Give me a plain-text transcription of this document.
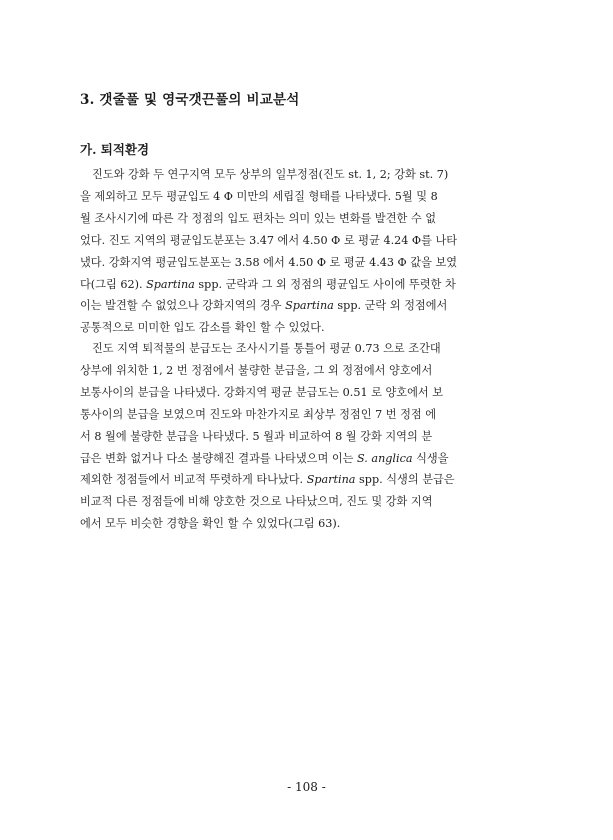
3. 갯줄풀 및 영국갯끈풀의 비교분석
가. 퇴적환경
진도와 강화 두 연구지역 모두 상부의 일부정점(진도 st. 1, 2; 강화 st. 7)
을 제외하고 모두 평균입도 4 Φ 미만의 세립질 형태를 나타냈다. 5월 및 8
월 조사시기에 따른 각 정점의 입도 편차는 의미 있는 변화를 발견한 수 없
었다. 진도 지역의 평균입도분포는 3.47 에서 4.50 Φ 로 평균 4.24 Φ를 나타
냈다. 강화지역 평균입도분포는 3.58 에서 4.50 Φ 로 평균 4.43 Φ 값을 보였
다(그림 62). Spartina spp. 군락과 그 외 정점의 평균입도 사이에 뚜렷한 차
이는 발견할 수 없었으나 강화지역의 경우 Spartina spp. 군락 외 정점에서
공통적으로 미미한 입도 감소를 확인 할 수 있었다.
진도 지역 퇴적물의 분급도는 조사시기를 통틀어 평균 0.73 으로 조간대
상부에 위치한 1, 2 번 정점에서 불량한 분급을, 그 외 정점에서 양호에서
보통사이의 분급을 나타냈다. 강화지역 평균 분급도는 0.51 로 양호에서 보
통사이의 분급을 보였으며 진도와 마찬가지로 최상부 정점인 7 번 정점 에
서 8 월에 불량한 분급을 나타냈다. 5 월과 비교하여 8 월 강화 지역의 분
급은 변화 없거나 다소 불량해진 결과를 나타냈으며 이는 S. anglica 식생을
제외한 정점들에서 비교적 뚜렷하게 타나났다. Spartina spp. 식생의 분급은
비교적 다른 정점들에 비해 양호한 것으로 나타났으며, 진도 및 강화 지역
에서 모두 비슷한 경향을 확인 할 수 있었다(그림 63).
- 108 -
